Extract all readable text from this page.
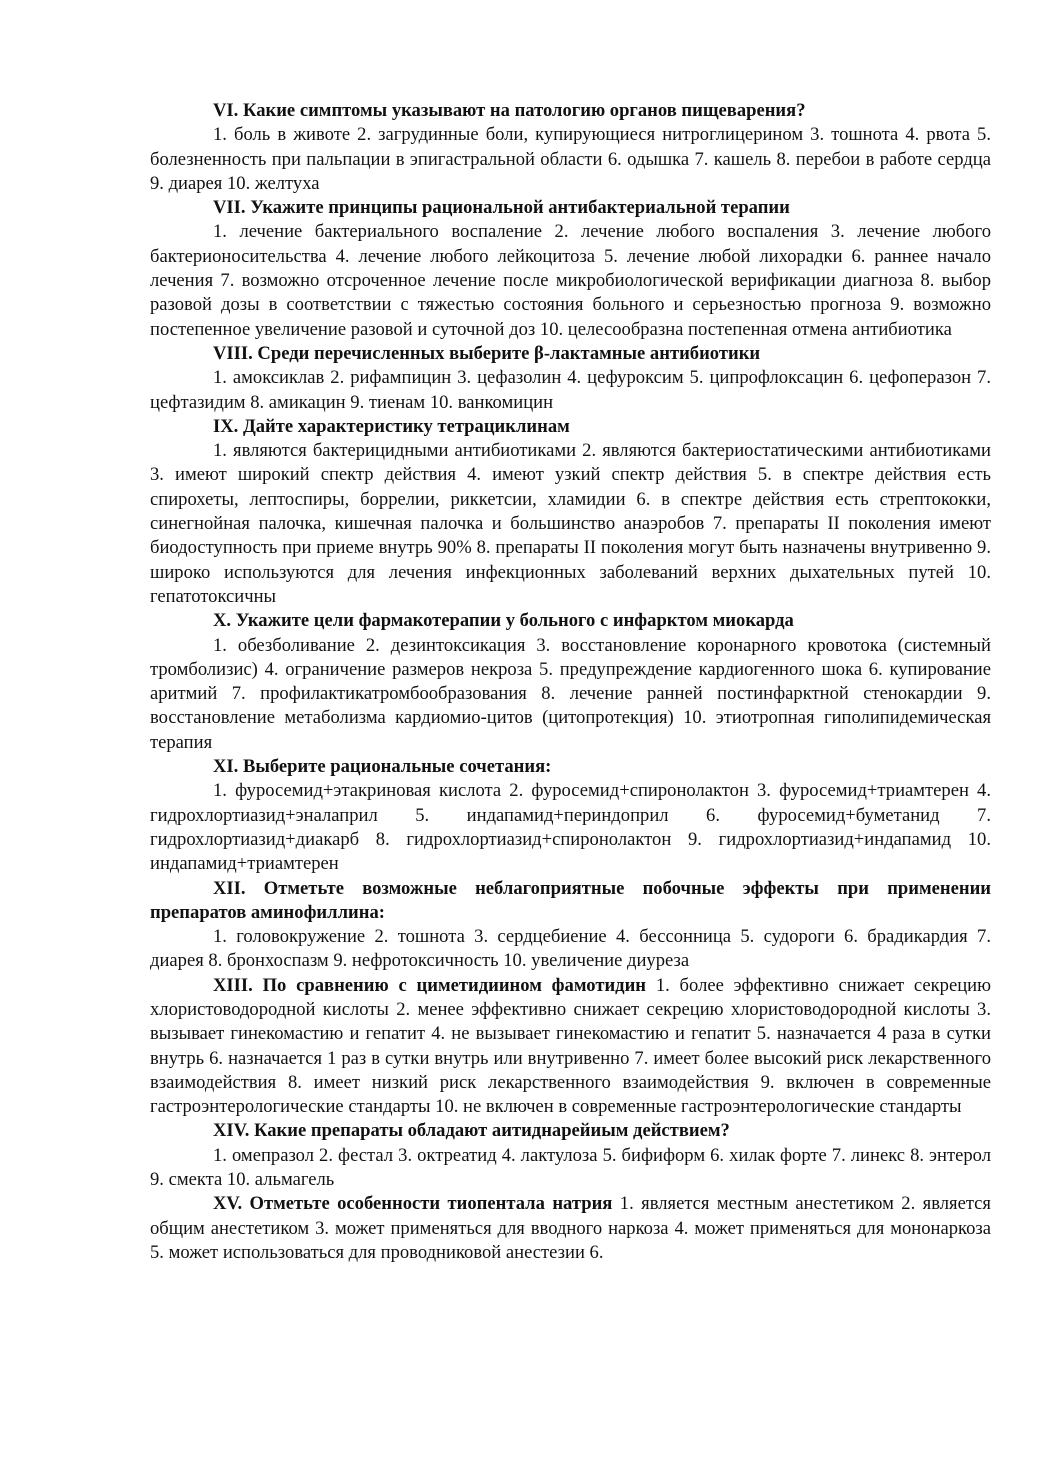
VI. Какие симптомы указывают на патологию органов пищеварения?

1. боль в животе 2. загрудинные боли, купирующиеся нитроглицерином 3. тошнота 4. рвота 5. болезненность при пальпации в эпигастральной области 6. одышка 7. кашель 8. перебои в работе сердца 9. диарея 10. желтуха

VII. Укажите принципы рациональной антибактериальной терапии

1. лечение бактериального воспаление 2. лечение любого воспаления 3. лечение любого бактерионосительства 4. лечение любого лейкоцитоза 5. лечение любой лихорадки 6. раннее начало лечения 7. возможно отсроченное лечение после микробиологической верификации диагноза 8. выбор разовой дозы в соответствии с тяжестью состояния больного и серьезностью прогноза 9. возможно постепенное увеличение разовой и суточной доз 10. целесообразна постепенная отмена антибиотика

VIII. Среди перечисленных выберите β-лактамные антибиотики

1. амоксиклав 2. рифампицин 3. цефазолин 4. цефуроксим 5. ципрофлоксацин 6. цефоперазон 7. цефтазидим 8. амикацин 9. тиенам 10. ванкомицин

IX. Дайте характеристику тетрациклинам

1. являются бактерицидными антибиотиками 2. являются бактериостатическими антибиотиками 3. имеют широкий спектр действия 4. имеют узкий спектр действия 5. в спектре действия есть спирохеты, лептоспиры, боррелии, риккетсии, хламидии 6. в спектре действия есть стрептококки, синегнойная палочка, кишечная палочка и большинство анаэробов 7. препараты II поколения имеют биодоступность при приеме внутрь 90% 8. препараты II поколения могут быть назначены внутривенно 9. широко используются для лечения инфекционных заболеваний верхних дыхательных путей 10. гепатотоксичны

X. Укажите цели фармакотерапии у больного с инфарктом миокарда

1. обезболивание 2. дезинтоксикация 3. восстановление коронарного кровотока (системный тромболизис) 4. ограничение размеров некроза 5. предупреждение кардиогенного шока 6. купирование аритмий 7. профилактикатромбообразования 8. лечение ранней постинфарктной стенокардии 9. восстановление метаболизма кардиомио-цитов (цитопротекция) 10. этиотропная гиполипидемическая терапия

XI. Выберите рациональные сочетания:

1. фуросемид+этакриновая кислота 2. фуросемид+спиронолактон 3. фуросемид+триамтерен 4. гидрохлортиазид+эналаприл 5. индапамид+периндоприл 6. фуросемид+буметанид 7. гидрохлортиазид+диакарб 8. гидрохлортиазид+спиронолактон 9. гидрохлортиазид+индапамид 10. индапамид+триамтерен

XII. Отметьте возможные неблагоприятные побочные эффекты при применении препаратов аминофиллина:

1. головокружение 2. тошнота 3. сердцебиение 4. бессонница 5. судороги 6. брадикардия 7. диарея 8. бронхоспазм 9. нефротоксичность 10. увеличение диуреза

XIII. По сравнению с циметидиином фамотидин 1. более эффективно снижает секрецию хлористоводородной кислоты 2. менее эффективно снижает секрецию хлористоводородной кислоты 3. вызывает гинекомастию и гепатит 4. не вызывает гинекомастию и гепатит 5. назначается 4 раза в сутки внутрь 6. назначается 1 раз в сутки внутрь или внутривенно 7. имеет более высокий риск лекарственного взаимодействия 8. имеет низкий риск лекарственного взаимодействия 9. включен в современные гастроэнтерологические стандарты 10. не включен в современные гастроэнтерологические стандарты

XIV. Какие препараты обладают аитиднарейиым действием?

1. омепразол 2. фестал 3. октреатид 4. лактулоза 5. бифиформ 6. хилак форте 7. линекс 8. энтерол 9. смекта 10. альмагель

XV. Отметьте особенности тиопентала натрия 1. является местным анестетиком 2. является общим анестетиком 3. может применяться для вводного наркоза 4. может применяться для мононаркоза 5. может использоваться для проводниковой анестезии 6.
